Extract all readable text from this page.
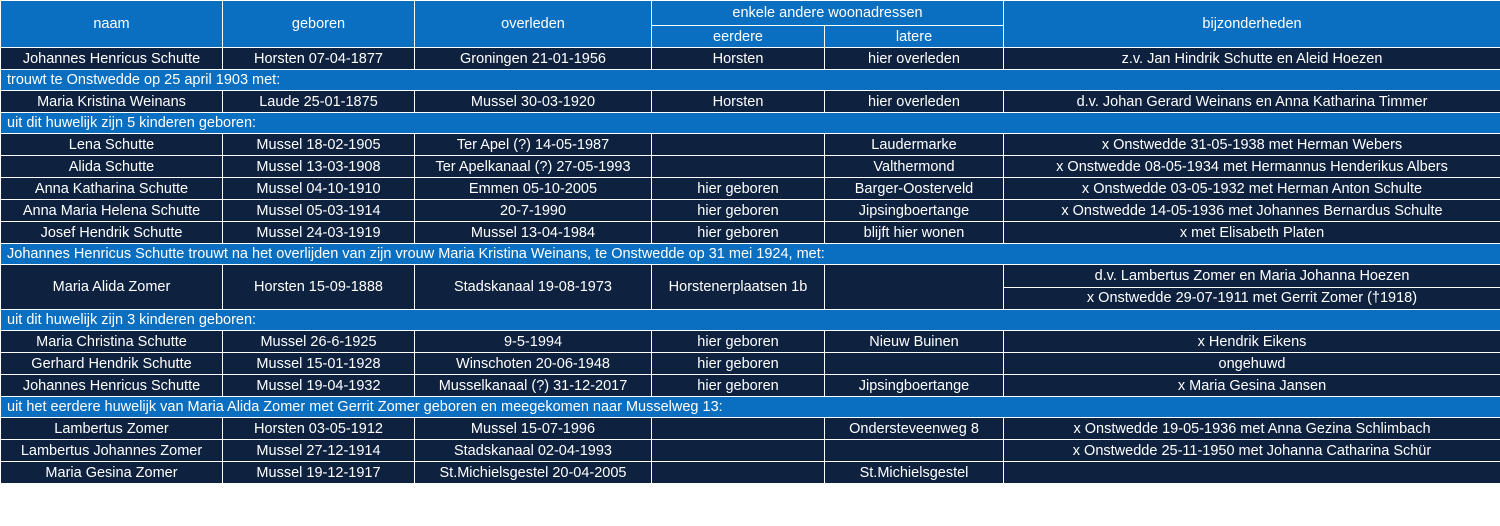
naam	geboren	overleden	enkele andere woonadressen		bijzonderheden
			eerdere	latere	
Johannes Henricus Schutte	Horsten 07-04-1877	Groningen 21-01-1956	Horsten	hier overleden	z.v. Jan Hindrik Schutte en Aleid Hoezen
trouwt te Onstwedde op 25 april 1903 met:					
Maria Kristina Weinans	Laude 25-01-1875	Mussel 30-03-1920	Horsten	hier overleden	d.v. Johan Gerard Weinans en Anna Katharina Timmer
uit dit huwelijk zijn 5 kinderen geboren:					
Lena Schutte	Mussel 18-02-1905	Ter Apel (?) 14-05-1987		Laudermarke	x Onstwedde 31-05-1938 met Herman Webers
Alida Schutte	Mussel 13-03-1908	Ter Apelkanaal (?) 27-05-1993		Valthermond	x Onstwedde 08-05-1934 met Hermannus Henderikus Albers
Anna Katharina Schutte	Mussel 04-10-1910	Emmen 05-10-2005	hier geboren	Barger-Oosterveld	x Onstwedde 03-05-1932 met Herman Anton Schulte
Anna Maria Helena Schutte	Mussel 05-03-1914	20-7-1990	hier geboren	Jipsingboertange	x Onstwedde 14-05-1936 met Johannes Bernardus Schulte
Josef Hendrik Schutte	Mussel 24-03-1919	Mussel 13-04-1984	hier geboren	blijft hier wonen	x met Elisabeth Platen
Johannes Henricus Schutte trouwt na het overlijden van zijn vrouw Maria Kristina Weinans, te Onstwedde op 31 mei 1924, met:					
Maria Alida Zomer	Horsten 15-09-1888	Stadskanaal 19-08-1973	Horstenerplaatsen 1b		d.v. Lambertus Zomer en Maria Johanna Hoezen
					x Onstwedde 29-07-1911 met Gerrit Zomer (†1918)
uit dit huwelijk zijn 3 kinderen geboren:					
Maria Christina Schutte	Mussel 26-6-1925	9-5-1994	hier geboren	Nieuw Buinen	x Hendrik Eikens
Gerhard Hendrik Schutte	Mussel 15-01-1928	Winschoten 20-06-1948	hier geboren		ongehuwd
Johannes Henricus Schutte	Mussel 19-04-1932	Musselkanaal (?) 31-12-2017	hier geboren	Jipsingboertange	x Maria Gesina Jansen
uit het eerdere huwelijk van Maria Alida Zomer met Gerrit Zomer geboren en meegekomen naar Musselweg 13:					
Lambertus Zomer	Horsten 03-05-1912	Mussel 15-07-1996		Ondersteveenweg 8	x Onstwedde 19-05-1936 met Anna Gezina Schlimbach
Lambertus Johannes Zomer	Mussel 27-12-1914	Stadskanaal 02-04-1993			x Onstwedde 25-11-1950 met Johanna Catharina Schür
Maria Gesina Zomer	Mussel 19-12-1917	St.Michielsgestel 20-04-2005		St.Michielsgestel	
